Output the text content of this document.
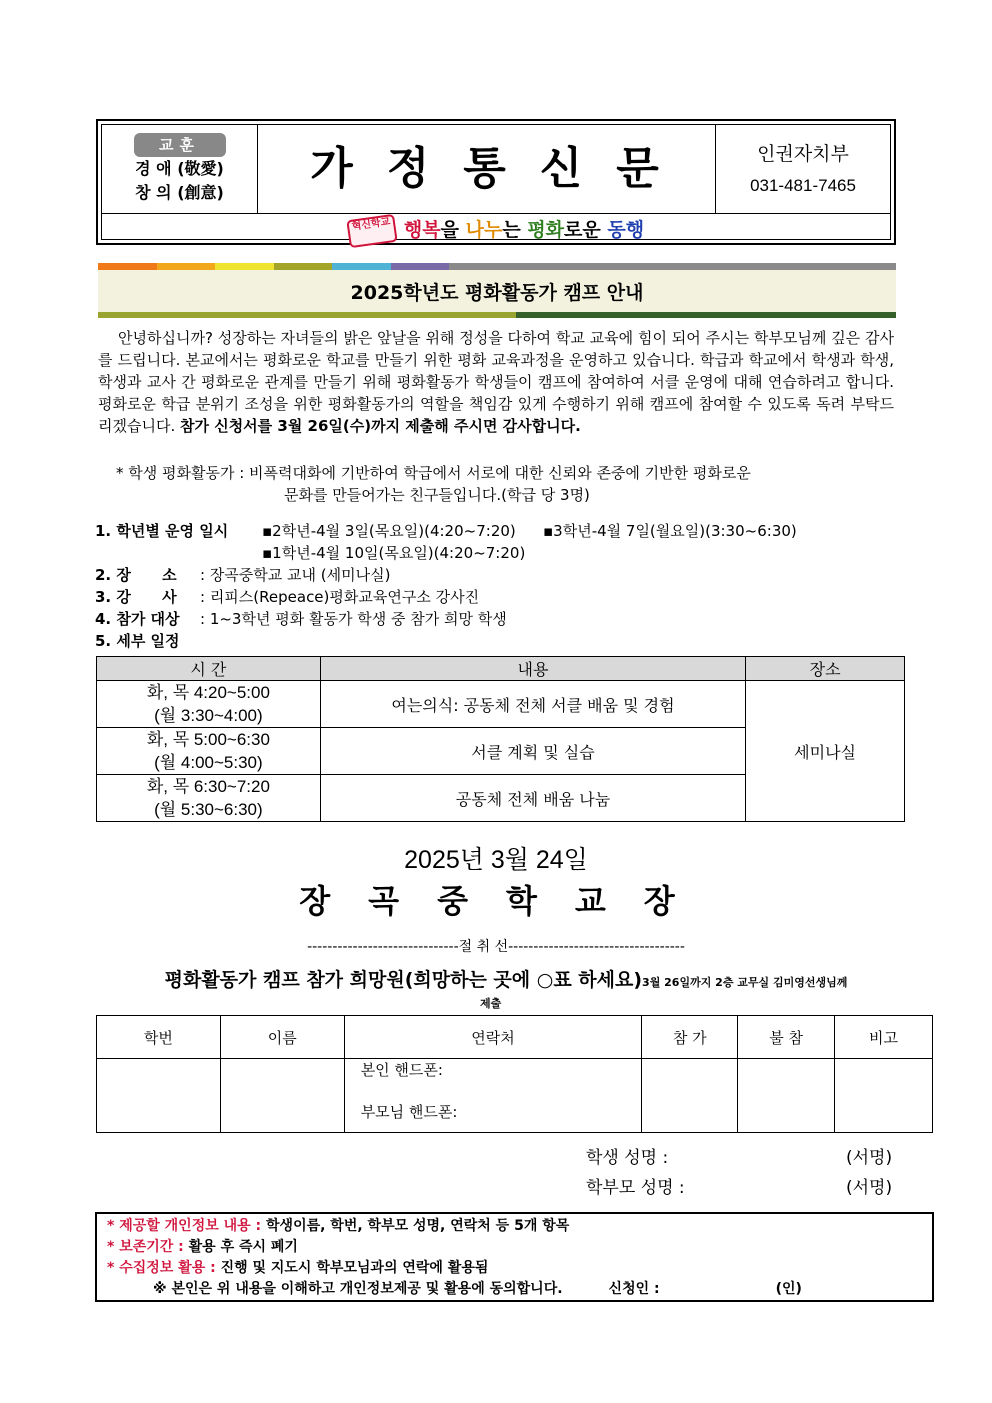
교훈
경 애 (敬愛)
창 의 (創意)	가정통신문	인권자치부
031-481-7465
혁신학교 행복을 나누는 평화로운 동행
2025학년도 평화활동가 캠프 안내
안녕하십니까? 성장하는 자녀들의 밝은 앞날을 위해 정성을 다하여 학교 교육에 힘이 되어 주시는 학부모님께 깊은 감사를 드립니다. 본교에서는 평화로운 학교를 만들기 위한 평화 교육과정을 운영하고 있습니다. 학급과 학교에서 학생과 학생, 학생과 교사 간 평화로운 관계를 만들기 위해 평화활동가 학생들이 캠프에 참여하여 서클 운영에 대해 연습하려고 합니다. 평화로운 학급 분위기 조성을 위한 평화활동가의 역할을 책임감 있게 수행하기 위해 캠프에 참여할 수 있도록 독려 부탁드리겠습니다. 참가 신청서를 3월 26일(수)까지 제출해 주시면 감사합니다.
* 학생 평화활동가 : 비폭력대화에 기반하여 학급에서 서로에 대한 신뢰와 존중에 기반한 평화로운
문화를 만들어가는 친구들입니다.(학급 당 3명)
1. 학년별 운영 일시 ▪2학년-4월 3일(목요일)(4:20~7:20) ▪3학년-4월 7일(월요일)(3:30~6:30)
▪1학년-4월 10일(목요일)(4:20~7:20)
2. 장      소 : 장곡중학교 교내 (세미나실)
3. 강      사 : 리피스(Repeace)평화교육연구소 강사진
4. 참가 대상 : 1~3학년 평화 활동가 학생 중 참가 희망 학생
5. 세부 일정
시 간	내용	장소

화, 목 4:20~5:00
(월 3:30~4:00)	여는의식: 공동체 전체 서클 배움 및 경험	세미나실

화, 목 5:00~6:30
(월 4:00~5:30)	서클 계획 및 실습	

화, 목 6:30~7:20
(월 5:30~6:30)	공동체 전체 배움 나눔	
2025년 3월 24일
장곡중학교장
------------------------------절 취 선-----------------------------------
평화활동가 캠프 참가 희망원(희망하는 곳에 ○표 하세요)3월 26일까지 2층 교무실 김미영선생님께
제출
학번	이름	연락처	참 가	불 참	비고

		본인 핸드폰:
부모님 핸드폰:			

학생 성명 :	(서명)
학부모 성명 :	(서명)
* 제공할 개인정보 내용 : 학생이름, 학번, 학부모 성명, 연락처 등 5개 항목
* 보존기간 : 활용 후 즉시 폐기
* 수집정보 활용 : 진행 및 지도시 학부모님과의 연락에 활용됨
※ 본인은 위 내용을 이해하고 개인정보제공 및 활용에 동의합니다.	신청인 :	(인)
